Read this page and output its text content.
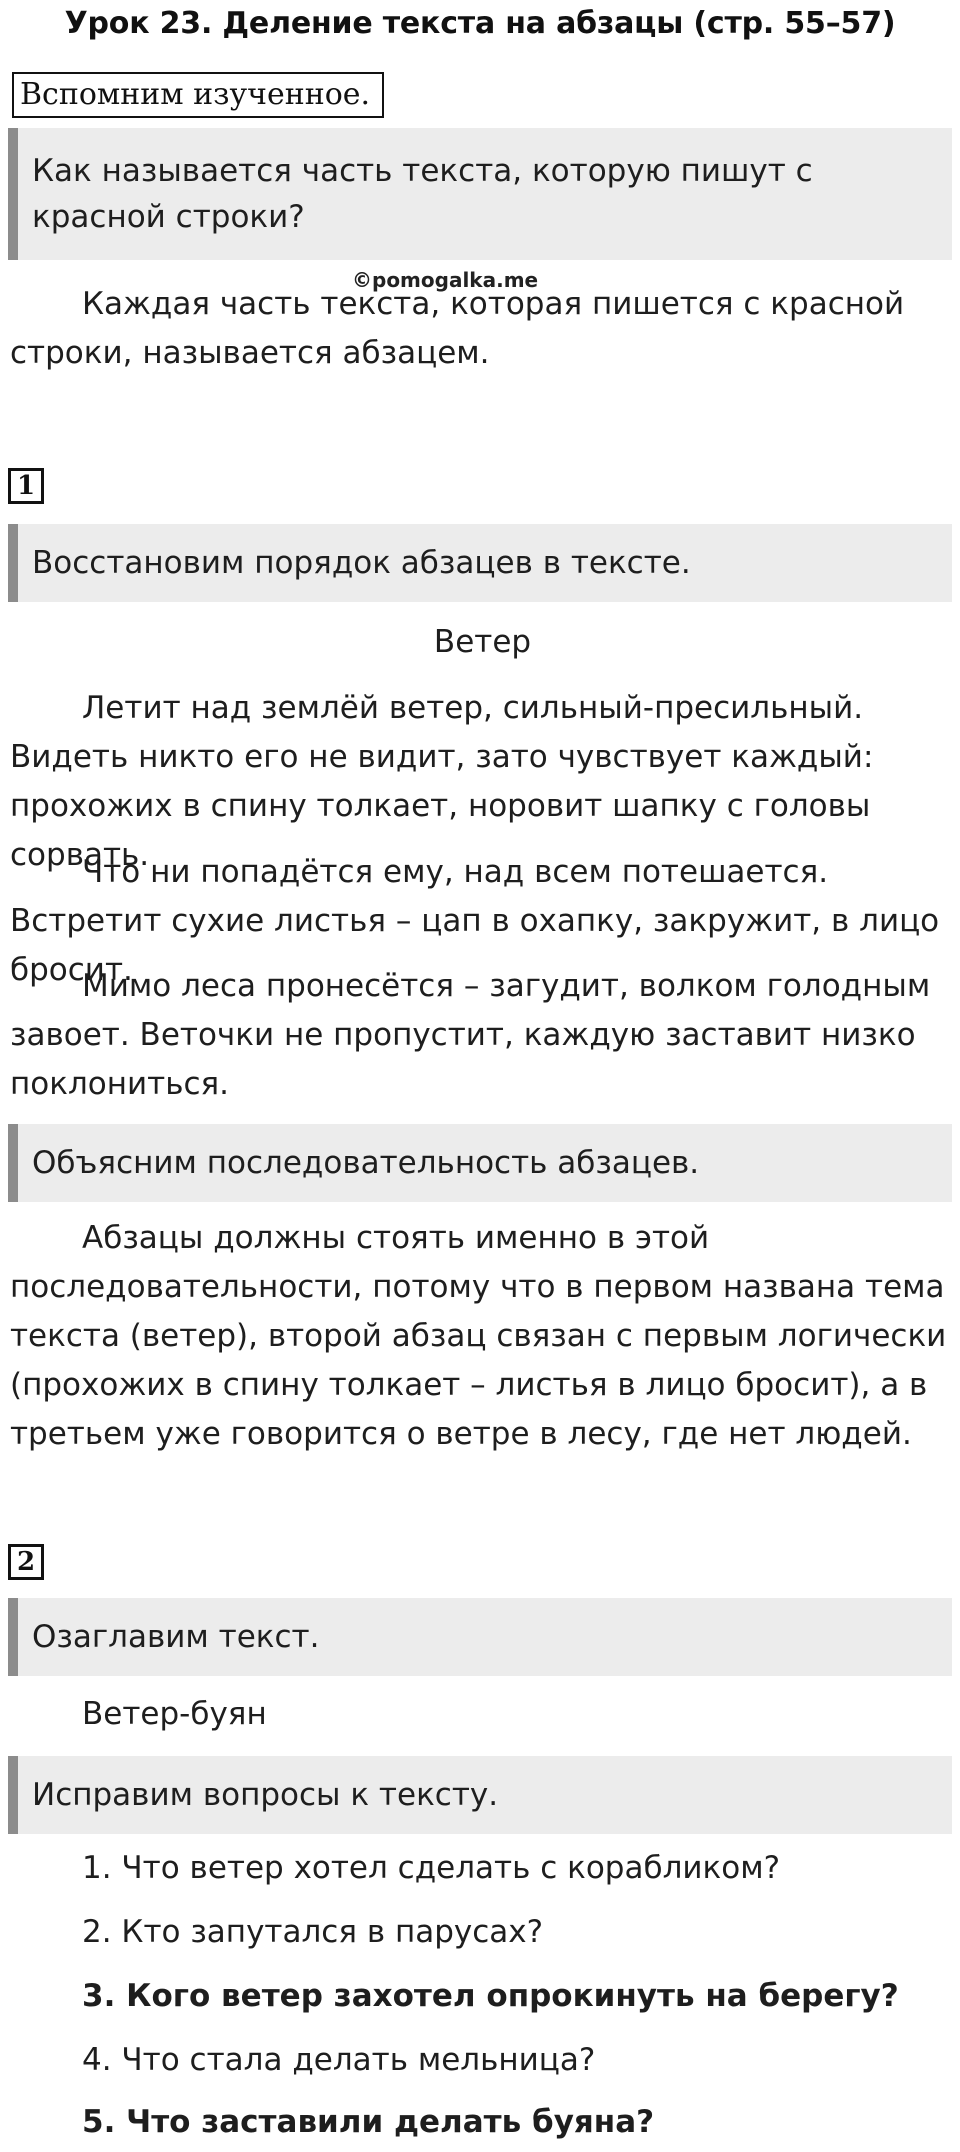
Урок 23. Деление текста на абзацы (стр. 55–57)
Вспомним изученное.
Как называется часть текста, которую пишут с красной строки?
©pomogalka.me
Каждая часть текста, которая пишется с красной строки, называется абзацем.
1
Восстановим порядок абзацев в тексте.
Ветер
Летит над землёй ветер, сильный-пресильный. Видеть никто его не видит, зато чувствует каждый: прохожих в спину толкает, норовит шапку с головы сорвать.
Что ни попадётся ему, над всем потешается. Встретит сухие листья – цап в охапку, закружит, в лицо бросит.
Мимо леса пронесётся – загудит, волком голодным завоет. Веточки не пропустит, каждую заставит низко поклониться.
Объясним последовательность абзацев.
Абзацы должны стоять именно в этой последовательности, потому что в первом названа тема текста (ветер), второй абзац связан с первым логически (прохожих в спину толкает – листья в лицо бросит), а в третьем уже говорится о ветре в лесу, где нет людей.
2
Озаглавим текст.
Ветер-буян
Исправим вопросы к тексту.
1. Что ветер хотел сделать с корабликом?
2. Кто запутался в парусах?
3. Кого ветер захотел опрокинуть на берегу?
4. Что стала делать мельница?
5. Что заставили делать буяна?
